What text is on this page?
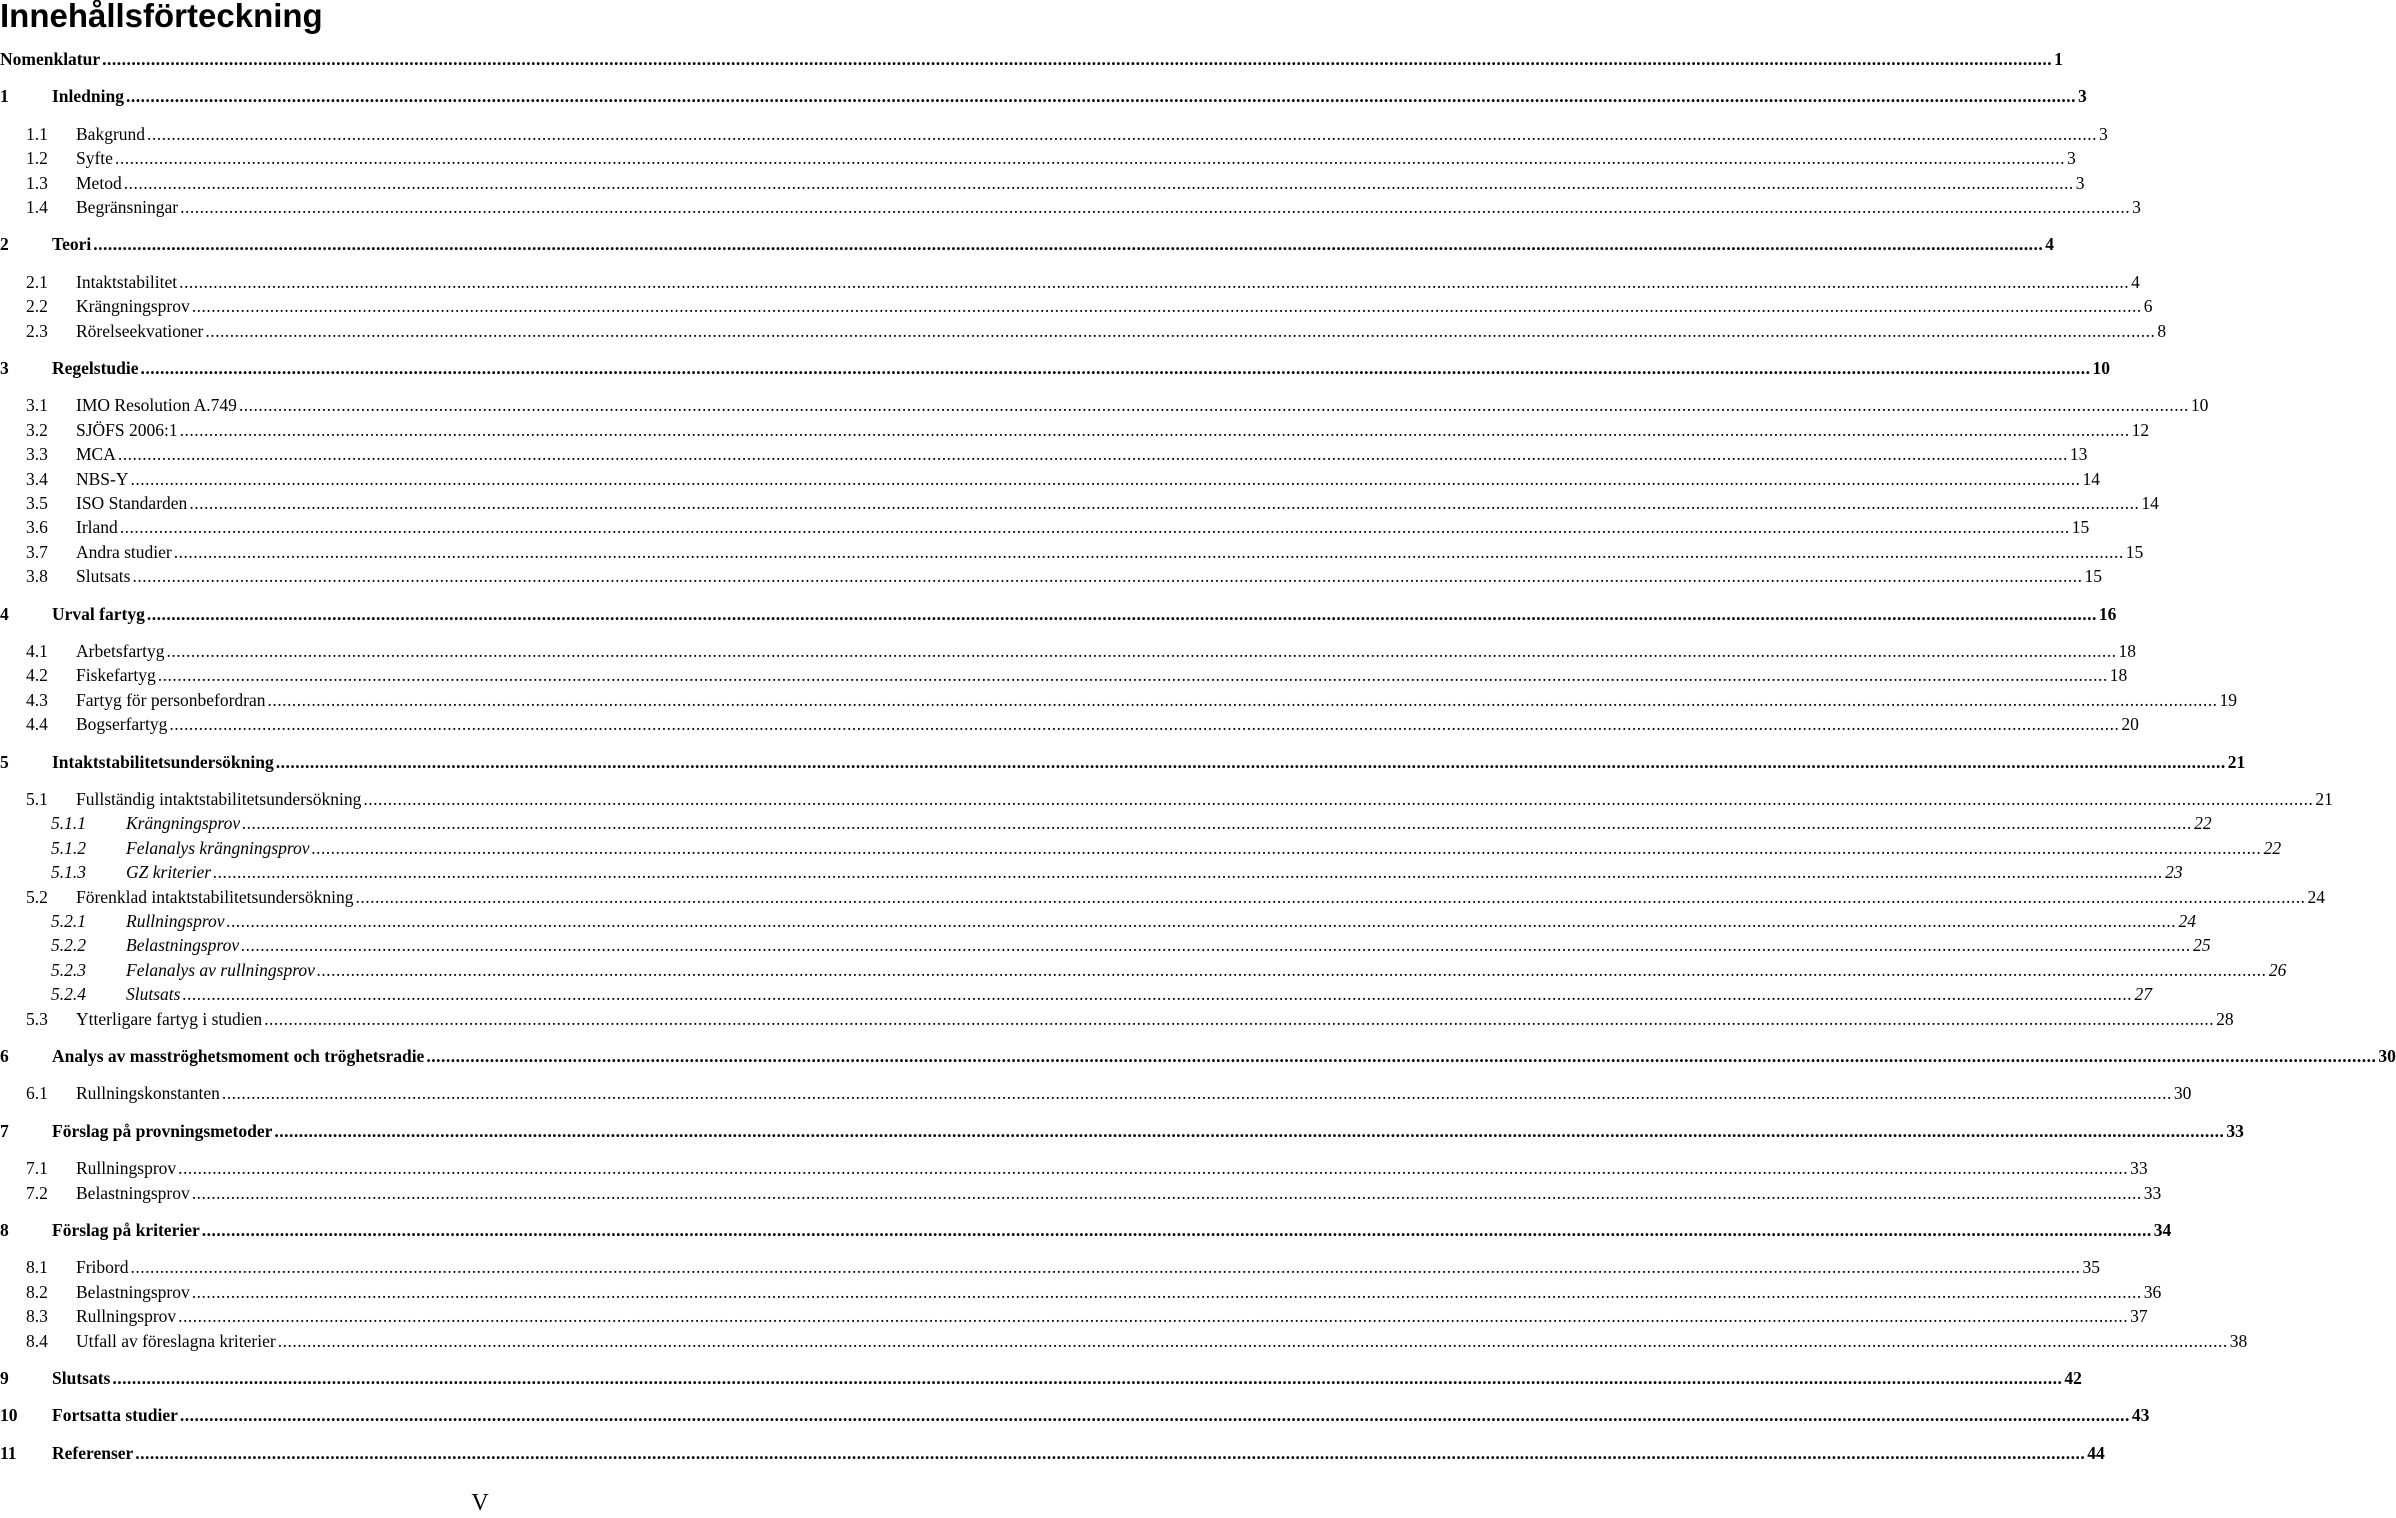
Innehållsförteckning
Nomenklatur ................................................................................................................................................................................................................................................................................................................................................................................................................ 1
1 Inledning ................................................................................................................................................................................................................................................................................................................................................................................................................ 3
1.1 Bakgrund ................................................................................................................................................................................................................................................................................................................................................................................................................ 3
1.2 Syfte ................................................................................................................................................................................................................................................................................................................................................................................................................ 3
1.3 Metod ................................................................................................................................................................................................................................................................................................................................................................................................................ 3
1.4 Begränsningar ................................................................................................................................................................................................................................................................................................................................................................................................................ 3
2 Teori ................................................................................................................................................................................................................................................................................................................................................................................................................ 4
2.1 Intaktstabilitet ................................................................................................................................................................................................................................................................................................................................................................................................................ 4
2.2 Krängningsprov ................................................................................................................................................................................................................................................................................................................................................................................................................ 6
2.3 Rörelseekvationer ................................................................................................................................................................................................................................................................................................................................................................................................................ 8
3 Regelstudie ................................................................................................................................................................................................................................................................................................................................................................................................................ 10
3.1 IMO Resolution A.749 ................................................................................................................................................................................................................................................................................................................................................................................................................ 10
3.2 SJÖFS 2006:1 ................................................................................................................................................................................................................................................................................................................................................................................................................ 12
3.3 MCA ................................................................................................................................................................................................................................................................................................................................................................................................................ 13
3.4 NBS-Y ................................................................................................................................................................................................................................................................................................................................................................................................................ 14
3.5 ISO Standarden ................................................................................................................................................................................................................................................................................................................................................................................................................ 14
3.6 Irland ................................................................................................................................................................................................................................................................................................................................................................................................................ 15
3.7 Andra studier ................................................................................................................................................................................................................................................................................................................................................................................................................ 15
3.8 Slutsats ................................................................................................................................................................................................................................................................................................................................................................................................................ 15
4 Urval fartyg ................................................................................................................................................................................................................................................................................................................................................................................................................ 16
4.1 Arbetsfartyg ................................................................................................................................................................................................................................................................................................................................................................................................................ 18
4.2 Fiskefartyg ................................................................................................................................................................................................................................................................................................................................................................................................................ 18
4.3 Fartyg för personbefordran ................................................................................................................................................................................................................................................................................................................................................................................................................ 19
4.4 Bogserfartyg ................................................................................................................................................................................................................................................................................................................................................................................................................ 20
5 Intaktstabilitetsundersökning ................................................................................................................................................................................................................................................................................................................................................................................................................ 21
5.1 Fullständig intaktstabilitetsundersökning ................................................................................................................................................................................................................................................................................................................................................................................................................ 21
5.1.1 Krängningsprov ................................................................................................................................................................................................................................................................................................................................................................................................................ 22
5.1.2 Felanalys krängningsprov ................................................................................................................................................................................................................................................................................................................................................................................................................ 22
5.1.3 GZ kriterier ................................................................................................................................................................................................................................................................................................................................................................................................................ 23
5.2 Förenklad intaktstabilitetsundersökning ................................................................................................................................................................................................................................................................................................................................................................................................................ 24
5.2.1 Rullningsprov ................................................................................................................................................................................................................................................................................................................................................................................................................ 24
5.2.2 Belastningsprov ................................................................................................................................................................................................................................................................................................................................................................................................................ 25
5.2.3 Felanalys av rullningsprov ................................................................................................................................................................................................................................................................................................................................................................................................................ 26
5.2.4 Slutsats ................................................................................................................................................................................................................................................................................................................................................................................................................ 27
5.3 Ytterligare fartyg i studien ................................................................................................................................................................................................................................................................................................................................................................................................................ 28
6 Analys av masströghetsmoment och tröghetsradie ................................................................................................................................................................................................................................................................................................................................................................................................................ 30
6.1 Rullningskonstanten ................................................................................................................................................................................................................................................................................................................................................................................................................ 30
7 Förslag på provningsmetoder ................................................................................................................................................................................................................................................................................................................................................................................................................ 33
7.1 Rullningsprov ................................................................................................................................................................................................................................................................................................................................................................................................................ 33
7.2 Belastningsprov ................................................................................................................................................................................................................................................................................................................................................................................................................ 33
8 Förslag på kriterier ................................................................................................................................................................................................................................................................................................................................................................................................................ 34
8.1 Fribord ................................................................................................................................................................................................................................................................................................................................................................................................................ 35
8.2 Belastningsprov ................................................................................................................................................................................................................................................................................................................................................................................................................ 36
8.3 Rullningsprov ................................................................................................................................................................................................................................................................................................................................................................................................................ 37
8.4 Utfall av föreslagna kriterier ................................................................................................................................................................................................................................................................................................................................................................................................................ 38
9 Slutsats ................................................................................................................................................................................................................................................................................................................................................................................................................ 42
10 Fortsatta studier ................................................................................................................................................................................................................................................................................................................................................................................................................ 43
11 Referenser ................................................................................................................................................................................................................................................................................................................................................................................................................ 44
V
